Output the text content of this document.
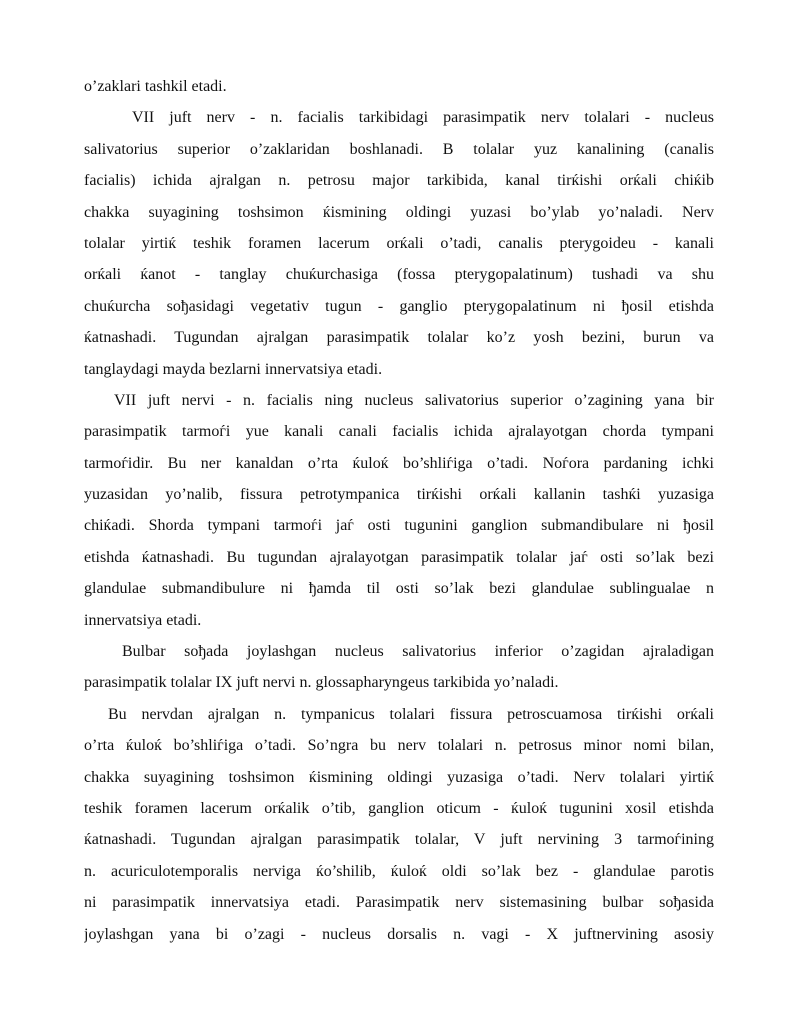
o’zaklari tashkil etadi.
VII juft nerv - n. facialis tarkibidagi parasimpatik nerv tolalari - nucleus
salivatorius superior o’zaklaridan boshlanadi. B tolalar yuz kanalining (canalis
facialis) ichida ajralgan n. petrosu major tarkibida, kanal tirќishi orќali chiќib
chakka suyagining toshsimon ќismining oldingi yuzasi bo’ylab yo’naladi. Nerv
tolalar yirtiќ teshik foramen lacerum orќali o’tadi, canalis pterygoideu - kanali
orќali ќanot - tanglay chuќurchasiga (fossa pterygopalatinum) tushadi va shu
chuќurcha soђasidagi vegetativ tugun - ganglio pterygopalatinum ni ђosil etishda
ќatnashadi. Tugundan ajralgan parasimpatik tolalar ko’z yosh bezini, burun va
tanglaydagi mayda bezlarni innervatsiya etadi.
VII juft nervi - n. facialis ning nucleus salivatorius superior o’zagining yana bir
parasimpatik tarmoѓi yue kanali canali facialis ichida ajralayotgan chorda tympani
tarmoѓidir. Bu ner kanaldan o’rta ќuloќ bo’shliѓiga o’tadi. Noѓora pardaning ichki
yuzasidan yo’nalib, fissura petrotympanica tirќishi orќali kallanin tashќi yuzasiga
chiќadi. Shorda tympani tarmoѓi jaѓ osti tugunini ganglion submandibulare ni ђosil
etishda ќatnashadi. Bu tugundan ajralayotgan parasimpatik tolalar jaѓ osti so’lak bezi
glandulae submandibulure ni ђamda til osti so’lak bezi glandulae sublingualae n
innervatsiya etadi.
Bulbar soђada joylashgan nucleus salivatorius inferior o’zagidan ajraladigan
parasimpatik tolalar IX juft nervi n. glossapharyngeus tarkibida yo’naladi.
Bu nervdan ajralgan n. tympanicus tolalari fissura petroscuamosa tirќishi orќali
o’rta ќuloќ bo’shliѓiga o’tadi. So’ngra bu nerv tolalari n. petrosus minor nomi bilan,
chakka suyagining toshsimon ќismining oldingi yuzasiga o’tadi. Nerv tolalari yirtiќ
teshik foramen lacerum orќalik o’tib, ganglion oticum - ќuloќ tugunini xosil etishda
ќatnashadi. Tugundan ajralgan parasimpatik tolalar, V juft nervining 3 tarmoѓining
n. acuriculotemporalis nerviga ќo’shilib, ќuloќ oldi so’lak bez - glandulae parotis
ni parasimpatik innervatsiya etadi. Parasimpatik nerv sistemasining bulbar soђasida
joylashgan yana bi o’zagi - nucleus dorsalis n. vagi - X juftnervining asosiy
